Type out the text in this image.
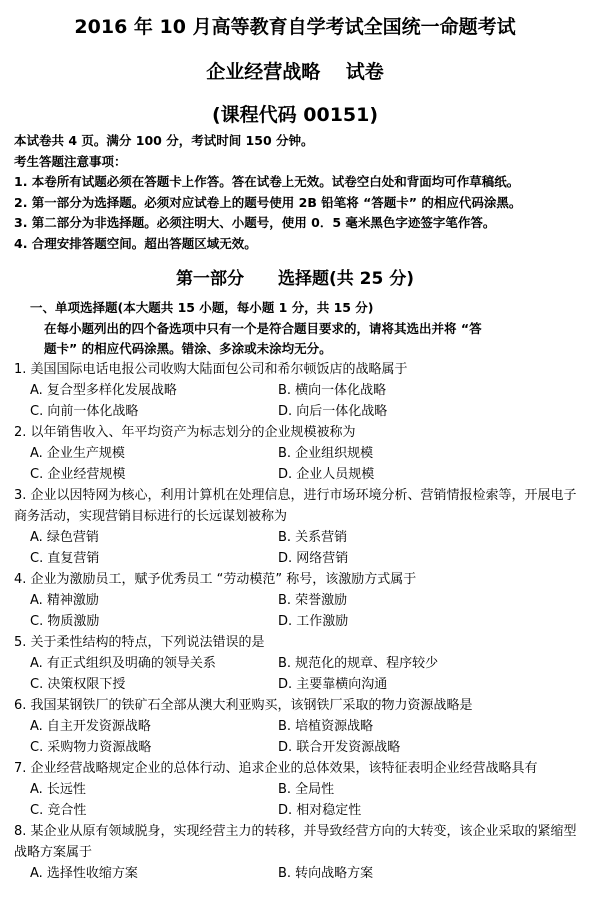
2016 年 10 月高等教育自学考试全国统一命题考试
企业经营战略　 试卷
(课程代码 00151)
本试卷共 4 页。满分 100 分，考试时间 150 分钟。
考生答题注意事项：
1. 本卷所有试题必须在答题卡上作答。答在试卷上无效。试卷空白处和背面均可作草稿纸。
2. 第一部分为选择题。必须对应试卷上的题号使用 2B 铅笔将 “答题卡” 的相应代码涂黑。
3. 第二部分为非选择题。必须注明大、小题号，使用 0．5 毫米黑色字迹签字笔作答。
4. 合理安排答题空间。超出答题区域无效。
第一部分　　选择题(共 25 分)
一、单项选择题(本大题共 15 小题，每小题 1 分，共 15 分)
在每小题列出的四个备选项中只有一个是符合题目要求的，请将其选出并将 “答
题卡” 的相应代码涂黑。错涂、多涂或未涂均无分。
1. 美国国际电话电报公司收购大陆面包公司和希尔顿饭店的战略属于
A. 复合型多样化发展战略	B. 横向一体化战略
C. 向前一体化战略	D. 向后一体化战略
2. 以年销售收入、年平均资产为标志划分的企业规模被称为
A. 企业生产规模	B. 企业组织规模
C. 企业经营规模	D. 企业人员规模
3. 企业以因特网为核心，利用计算机在处理信息，进行市场环境分析、营销情报检索等，开展电子商务活动，实现营销目标进行的长远谋划被称为
A. 绿色营销	B. 关系营销
C. 直复营销	D. 网络营销
4. 企业为激励员工，赋予优秀员工 “劳动模范” 称号，该激励方式属于
A. 精神激励	B. 荣誉激励
C. 物质激励	D. 工作激励
5. 关于柔性结构的特点，下列说法错误的是
A. 有正式组织及明确的领导关系	B. 规范化的规章、程序较少
C. 决策权限下授	D. 主要靠横向沟通
6. 我国某钢铁厂的铁矿石全部从澳大利亚购买，该钢铁厂采取的物力资源战略是
A. 自主开发资源战略	B. 培植资源战略
C. 采购物力资源战略	D. 联合开发资源战略
7. 企业经营战略规定企业的总体行动、追求企业的总体效果，该特征表明企业经营战略具有
A. 长远性	B. 全局性
C. 竞合性	D. 相对稳定性
8. 某企业从原有领域脱身，实现经营主力的转移，并导致经营方向的大转变，该企业采取的紧缩型战略方案属于
A. 选择性收缩方案	B. 转向战略方案
